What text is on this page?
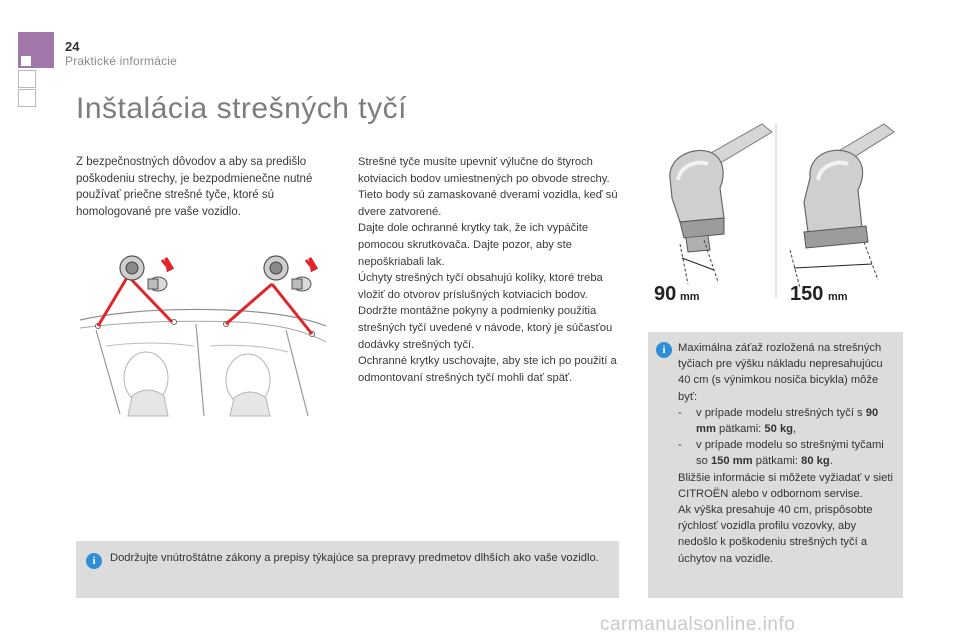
24
Praktické informácie
Inštalácia strešných tyčí

Z bezpečnostných dôvodov a aby sa predišlo poškodeniu strechy, je bezpodmienečne nutné používať priečne strešné tyče, ktoré sú homologované pre vaše vozidlo.

Strešné tyče musíte upevniť výlučne do štyroch kotviacich bodov umiestnených po obvode strechy. Tieto body sú zamaskované dverami vozidla, keď sú dvere zatvorené.

Dajte dole ochranné krytky tak, že ich vypáčite pomocou skrutkovača. Dajte pozor, aby ste nepoškriabali lak.

Úchyty strešných tyčí obsahujú kolíky, ktoré treba vložiť do otvorov príslušných kotviacich bodov.

Dodržte montážne pokyny a podmienky použitia strešných tyčí uvedené v návode, ktorý je súčasťou dodávky strešných tyčí.

Ochranné krytky uschovajte, aby ste ich po použití a odmontovaní strešných tyčí mohli dať späť.

90 mm	150 mm
i	Maximálna záťaž rozložená na strešných tyčiach pre výšku nákladu nepresahujúcu 40 cm (s výnimkou nosiča bicykla) môže byť:
-	v prípade modelu strešných tyčí s 90 mm pätkami: 50 kg,
-	v prípade modelu so strešnými tyčami so 150 mm pätkami: 80 kg.
Bližšie informácie si môžete vyžiadať v sieti CITROËN alebo v odbornom servise.
Ak výška presahuje 40 cm, prispôsobte rýchlosť vozidla profilu vozovky, aby nedošlo k poškodeniu strešných tyčí a úchytov na vozidle.
i	Dodržujte vnútroštátne zákony a prepisy týkajúce sa prepravy predmetov dlhších ako vaše vozidlo.
carmanualsonline.info
